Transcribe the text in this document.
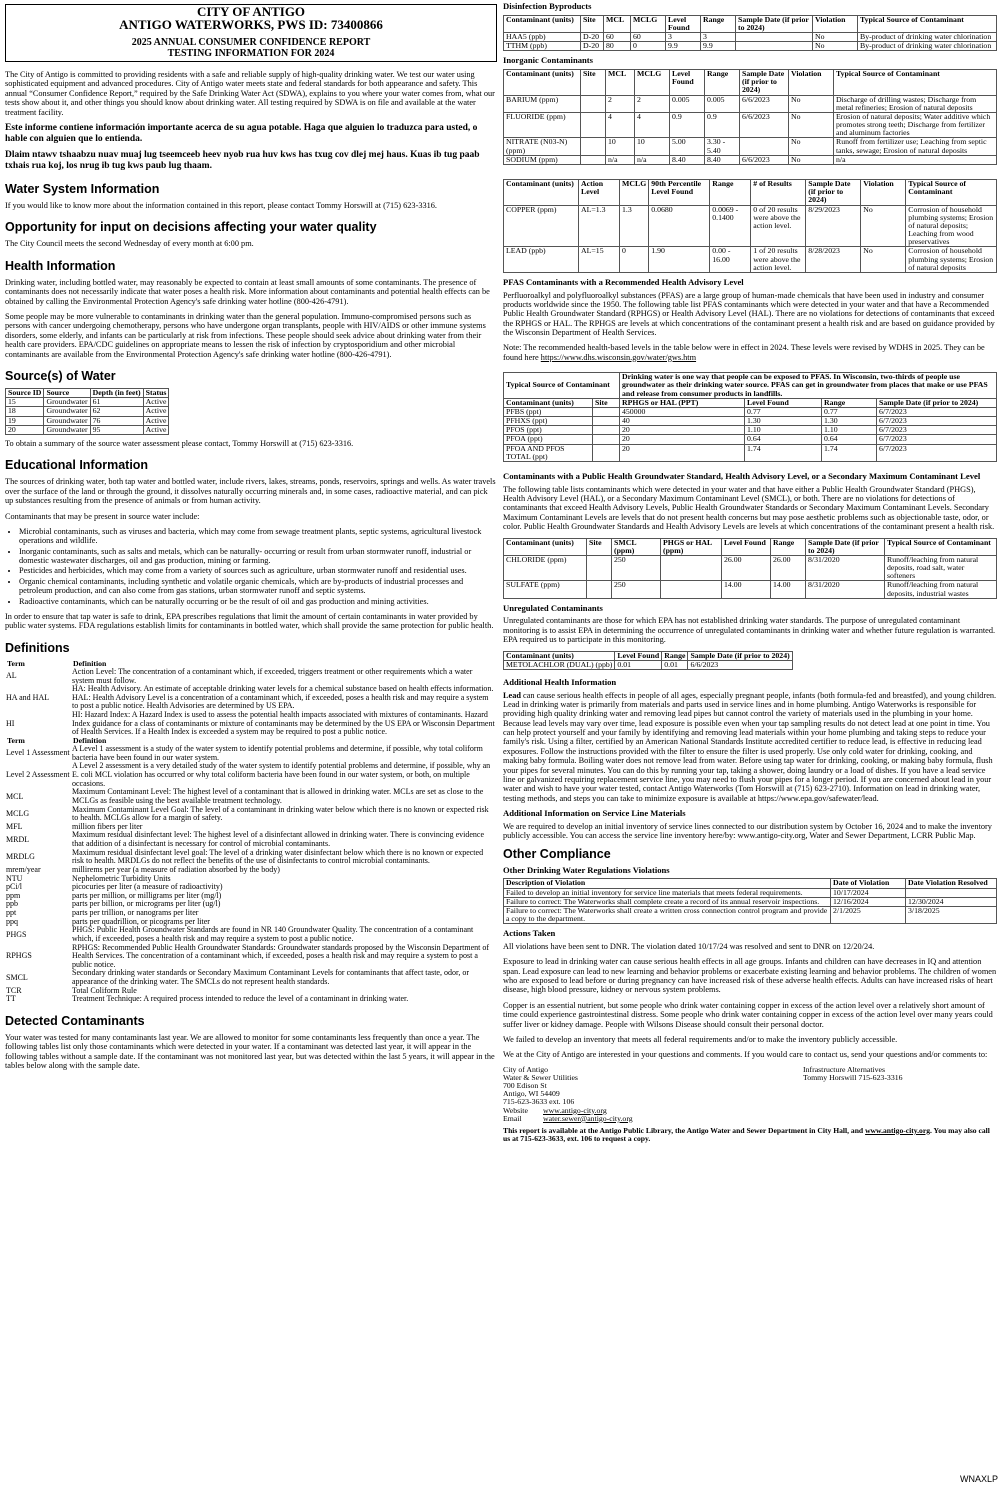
CITY OF ANTIGO
ANTIGO WATERWORKS, PWS ID: 73400866
2025 ANNUAL CONSUMER CONFIDENCE REPORT
TESTING INFORMATION FOR 2024

The City of Antigo is committed to providing residents with a safe and reliable supply of high-quality drinking water. We test our water using sophisticated equipment and advanced procedures. City of Antigo water meets state and federal standards for both appearance and safety. This annual “Consumer Confidence Report,” required by the Safe Drinking Water Act (SDWA), explains to you where your water comes from, what our tests show about it, and other things you should know about drinking water. All testing required by SDWA is on file and available at the water treatment facility.

Este informe contiene información importante acerca de su agua potable. Haga que alguien lo traduzca para usted, o hable con alguien que lo entienda.

Dlaim ntawv tshaabzu nuav muaj lug tseemceeb heev nyob rua huv kws has txug cov dlej mej haus. Kuas ib tug paab txhais rua koj, los nrug ib tug kws paub lug thaam.

Water System Information

If you would like to know more about the information contained in this report, please contact Tommy Horswill at (715) 623-3316.

Opportunity for input on decisions affecting your water quality

The City Council meets the second Wednesday of every month at 6:00 pm.

Health Information

Drinking water, including bottled water, may reasonably be expected to contain at least small amounts of some contaminants. The presence of contaminants does not necessarily indicate that water poses a health risk. More information about contaminants and potential health effects can be obtained by calling the Environmental Protection Agency's safe drinking water hotline (800-426-4791).

Some people may be more vulnerable to contaminants in drinking water than the general population. Immuno-compromised persons such as persons with cancer undergoing chemotherapy, persons who have undergone organ transplants, people with HIV/AIDS or other immune systems disorders, some elderly, and infants can be particularly at risk from infections. These people should seek advice about drinking water from their health care providers. EPA/CDC guidelines on appropriate means to lessen the risk of infection by cryptosporidium and other microbial contaminants are available from the Environmental Protection Agency's safe drinking water hotline (800-426-4791).

Source(s) of Water
Source ID	Source	Depth (in feet)	Status
15	Groundwater	61	Active
18	Groundwater	62	Active
19	Groundwater	76	Active
20	Groundwater	95	Active

To obtain a summary of the source water assessment please contact, Tommy Horswill at (715) 623-3316.

Educational Information

The sources of drinking water, both tap water and bottled water, include rivers, lakes, streams, ponds, reservoirs, springs and wells. As water travels over the surface of the land or through the ground, it dissolves naturally occurring minerals and, in some cases, radioactive material, and can pick up substances resulting from the presence of animals or from human activity.

Contaminants that may be present in source water include:

• Microbial contaminants, such as viruses and bacteria, which may come from sewage treatment plants, septic systems, agricultural livestock operations and wildlife.
• Inorganic contaminants, such as salts and metals, which can be naturally- occurring or result from urban stormwater runoff, industrial or domestic wastewater discharges, oil and gas production, mining or farming.
• Pesticides and herbicides, which may come from a variety of sources such as agriculture, urban stormwater runoff and residential uses.
• Organic chemical contaminants, including synthetic and volatile organic chemicals, which are by-products of industrial processes and petroleum production, and can also come from gas stations, urban stormwater runoff and septic systems.
• Radioactive contaminants, which can be naturally occurring or be the result of oil and gas production and mining activities.

In order to ensure that tap water is safe to drink, EPA prescribes regulations that limit the amount of certain contaminants in water provided by public water systems. FDA regulations establish limits for contaminants in bottled water, which shall provide the same protection for public health.

Definitions
Term	Definition
AL	Action Level: The concentration of a contaminant which, if exceeded, triggers treatment or other requirements which a water system must follow.
HA and HAL	HA: Health Advisory. An estimate of acceptable drinking water levels for a chemical substance based on health effects information. HAL: Health Advisory Level is a concentration of a contaminant which, if exceeded, poses a health risk and may require a system to post a public notice. Health Advisories are determined by US EPA.
HI	HI: Hazard Index: A Hazard Index is used to assess the potential health impacts associated with mixtures of contaminants. Hazard Index guidance for a class of contaminants or mixture of contaminants may be determined by the US EPA or Wisconsin Department of Health Services. If a Health Index is exceeded a system may be required to post a public notice.
Term	Definition
Level 1 Assessment	A Level 1 assessment is a study of the water system to identify potential problems and determine, if possible, why total coliform bacteria have been found in our water system.
Level 2 Assessment	A Level 2 assessment is a very detailed study of the water system to identify potential problems and determine, if possible, why an E. coli MCL violation has occurred or why total coliform bacteria have been found in our water system, or both, on multiple occasions.
MCL	Maximum Contaminant Level: The highest level of a contaminant that is allowed in drinking water. MCLs are set as close to the MCLGs as feasible using the best available treatment technology.
MCLG	Maximum Contaminant Level Goal: The level of a contaminant in drinking water below which there is no known or expected risk to health. MCLGs allow for a margin of safety.
MFL	million fibers per liter
MRDL	Maximum residual disinfectant level: The highest level of a disinfectant allowed in drinking water. There is convincing evidence that addition of a disinfectant is necessary for control of microbial contaminants.
MRDLG	Maximum residual disinfectant level goal: The level of a drinking water disinfectant below which there is no known or expected risk to health. MRDLGs do not reflect the benefits of the use of disinfectants to control microbial contaminants.
mrem/year	millirems per year (a measure of radiation absorbed by the body)
NTU	Nephelometric Turbidity Units
pCi/l	picocuries per liter (a measure of radioactivity)
ppm	parts per million, or milligrams per liter (mg/l)
ppb	parts per billion, or micrograms per liter (ug/l)
ppt	parts per trillion, or nanograms per liter
ppq	parts per quadrillion, or picograms per liter
PHGS	PHGS: Public Health Groundwater Standards are found in NR 140 Groundwater Quality. The concentration of a contaminant which, if exceeded, poses a health risk and may require a system to post a public notice.
RPHGS	RPHGS: Recommended Public Health Groundwater Standards: Groundwater standards proposed by the Wisconsin Department of Health Services. The concentration of a contaminant which, if exceeded, poses a health risk and may require a system to post a public notice.
SMCL	Secondary drinking water standards or Secondary Maximum Contaminant Levels for contaminants that affect taste, odor, or appearance of the drinking water. The SMCLs do not represent health standards.
TCR	Total Coliform Rule
TT	Treatment Technique: A required process intended to reduce the level of a contaminant in drinking water.
Detected Contaminants

Your water was tested for many contaminants last year. We are allowed to monitor for some contaminants less frequently than once a year. The following tables list only those contaminants which were detected in your water. If a contaminant was detected last year, it will appear in the following tables without a sample date. If the contaminant was not monitored last year, but was detected within the last 5 years, it will appear in the tables below along with the sample date.

Disinfection Byproducts
Contaminant (units)	Site	MCL	MCLG	Level Found	Range	Sample Date (if prior to 2024)	Violation	Typical Source of Contaminant
HAA5 (ppb)	D-20	60	60	3	3		No	By-product of drinking water chlorination
TTHM (ppb)	D-20	80	0	9.9	9.9		No	By-product of drinking water chlorination
Inorganic Contaminants
Contaminant (units)	Site	MCL	MCLG	Level Found	Range	Sample Date (if prior to 2024)	Violation	Typical Source of Contaminant
BARIUM (ppm)		2	2	0.005	0.005	6/6/2023	No	Discharge of drilling wastes; Discharge from metal refineries; Erosion of natural deposits
FLUORIDE (ppm)		4	4	0.9	0.9	6/6/2023	No	Erosion of natural deposits; Water additive which promotes strong teeth; Discharge from fertilizer and aluminum factories
NITRATE (N03-N) (ppm)		10	10	5.00	3.30 - 5.40		No	Runoff from fertilizer use; Leaching from septic tanks, sewage; Erosion of natural deposits
SODIUM (ppm)		n/a	n/a	8.40	8.40	6/6/2023	No	n/a
Contaminant (units)	Action Level	MCLG	90th Percentile Level Found	Range	# of Results	Sample Date (if prior to 2024)	Violation	Typical Source of Contaminant
COPPER (ppm)	AL=1.3	1.3	0.0680	0.0069 - 0.1400	0 of 20 results were above the action level.	8/29/2023	No	Corrosion of household plumbing systems; Erosion of natural deposits; Leaching from wood preservatives
LEAD (ppb)	AL=15	0	1.90	0.00 - 16.00	1 of 20 results were above the action level.	8/28/2023	No	Corrosion of household plumbing systems; Erosion of natural deposits
PFAS Contaminants with a Recommended Health Advisory Level

Perfluoroalkyl and polyfluoroalkyl substances (PFAS) are a large group of human-made chemicals that have been used in industry and consumer products worldwide since the 1950. The following table list PFAS contaminants which were detected in your water and that have a Recommended Public Health Groundwater Standard (RPHGS) or Health Advisory Level (HAL). There are no violations for detections of contaminants that exceed the RPHGS or HAL. The RPHGS are levels at which concentrations of the contaminant present a health risk and are based on guidance provided by the Wisconsin Department of Health Services.

Note: The recommended health-based levels in the table below were in effect in 2024. These levels were revised by WDHS in 2025. They can be found here https://www.dhs.wisconsin.gov/water/gws.htm

Typical Source of Contaminant		Drinking water is one way that people can be exposed to PFAS. In Wisconsin, two-thirds of people use groundwater as their drinking water source. PFAS can get in groundwater from places that make or use PFAS and release from consumer products in landfills.			
Contaminant (units)	Site	RPHGS or HAL (PPT)	Level Found	Range	Sample Date (if prior to 2024)
PFBS (ppt)		450000	0.77	0.77	6/7/2023
PFHXS (ppt)		40	1.30	1.30	6/7/2023
PFOS (ppt)		20	1.10	1.10	6/7/2023
PFOA (ppt)		20	0.64	0.64	6/7/2023
PFOA AND PFOS TOTAL (ppt)		20	1.74	1.74	6/7/2023
Contaminants with a Public Health Groundwater Standard, Health Advisory Level, or a Secondary Maximum Contaminant Level

The following table lists contaminants which were detected in your water and that have either a Public Health Groundwater Standard (PHGS), Health Advisory Level (HAL), or a Secondary Maximum Contaminant Level (SMCL), or both. There are no violations for detections of contaminants that exceed Health Advisory Levels, Public Health Groundwater Standards or Secondary Maximum Contaminant Levels. Secondary Maximum Contaminant Levels are levels that do not present health concerns but may pose aesthetic problems such as objectionable taste, odor, or color. Public Health Groundwater Standards and Health Advisory Levels are levels at which concentrations of the contaminant present a health risk.

Contaminant (units)	Site	SMCL (ppm)	PHGS or HAL (ppm)	Level Found	Range	Sample Date (if prior to 2024)	Typical Source of Contaminant
CHLORIDE (ppm)		250		26.00	26.00	8/31/2020	Runoff/leaching from natural deposits, road salt, water softeners
SULFATE (ppm)		250		14.00	14.00	8/31/2020	Runoff/leaching from natural deposits, industrial wastes
Unregulated Contaminants

Unregulated contaminants are those for which EPA has not established drinking water standards. The purpose of unregulated contaminant monitoring is to assist EPA in determining the occurrence of unregulated contaminants in drinking water and whether future regulation is warranted. EPA required us to participate in this monitoring.

Contaminant (units)	Level Found	Range	Sample Date (if prior to 2024)
METOLACHLOR (DUAL) (ppb)	0.01	0.01	6/6/2023
Additional Health Information

Lead can cause serious health effects in people of all ages, especially pregnant people, infants (both formula-fed and breastfed), and young children. Lead in drinking water is primarily from materials and parts used in service lines and in home plumbing. Antigo Waterworks is responsible for providing high quality drinking water and removing lead pipes but cannot control the variety of materials used in the plumbing in your home. Because lead levels may vary over time, lead exposure is possible even when your tap sampling results do not detect lead at one point in time. You can help protect yourself and your family by identifying and removing lead materials within your home plumbing and taking steps to reduce your family's risk. Using a filter, certified by an American National Standards Institute accredited certifier to reduce lead, is effective in reducing lead exposures. Follow the instructions provided with the filter to ensure the filter is used properly. Use only cold water for drinking, cooking, and making baby formula. Boiling water does not remove lead from water. Before using tap water for drinking, cooking, or making baby formula, flush your pipes for several minutes. You can do this by running your tap, taking a shower, doing laundry or a load of dishes. If you have a lead service line or galvanized requiring replacement service line, you may need to flush your pipes for a longer period. If you are concerned about lead in your water and wish to have your water tested, contact Antigo Waterworks (Tom Horswill at (715) 623-2710). Information on lead in drinking water, testing methods, and steps you can take to minimize exposure is available at https://www.epa.gov/safewater/lead.

Additional Information on Service Line Materials

We are required to develop an initial inventory of service lines connected to our distribution system by October 16, 2024 and to make the inventory publicly accessible. You can access the service line inventory here/by: www.antigo-city.org, Water and Sewer Department, LCRR Public Map.

Other Compliance
Other Drinking Water Regulations Violations
Description of Violation	Date of Violation	Date Violation Resolved
Failed to develop an initial inventory for service line materials that meets federal requirements.	10/17/2024	
Failure to correct: The Waterworks shall complete create a record of its annual reservoir inspections.	12/16/2024	12/30/2024
Failure to correct: The Waterworks shall create a written cross connection control program and provide a copy to the department.	2/1/2025	3/18/2025
Actions Taken

All violations have been sent to DNR. The violation dated 10/17/24 was resolved and sent to DNR on 12/20/24.

Exposure to lead in drinking water can cause serious health effects in all age groups. Infants and children can have decreases in IQ and attention span. Lead exposure can lead to new learning and behavior problems or exacerbate existing learning and behavior problems. The children of women who are exposed to lead before or during pregnancy can have increased risk of these adverse health effects. Adults can have increased risks of heart disease, high blood pressure, kidney or nervous system problems.

Copper is an essential nutrient, but some people who drink water containing copper in excess of the action level over a relatively short amount of time could experience gastrointestinal distress. Some people who drink water containing copper in excess of the action level over many years could suffer liver or kidney damage. People with Wilsons Disease should consult their personal doctor.

We failed to develop an inventory that meets all federal requirements and/or to make the inventory publicly accessible.

We at the City of Antigo are interested in your questions and comments. If you would care to contact us, send your questions and/or comments to:

City of Antigo
Water & Sewer Utilities
700 Edison St
Antigo, WI 54409
715-623-3633 ext. 106
Website www.antigo-city.org
Email	water.sewer@antigo-city.org

Infrastructure Alternatives
Tommy Horswill 715-623-3316

This report is available at the Antigo Public Library, the Antigo Water and Sewer Department in City Hall, and www.antigo-city.org. You may also call us at 715-623-3633, ext. 106 to request a copy.

WNAXLP
